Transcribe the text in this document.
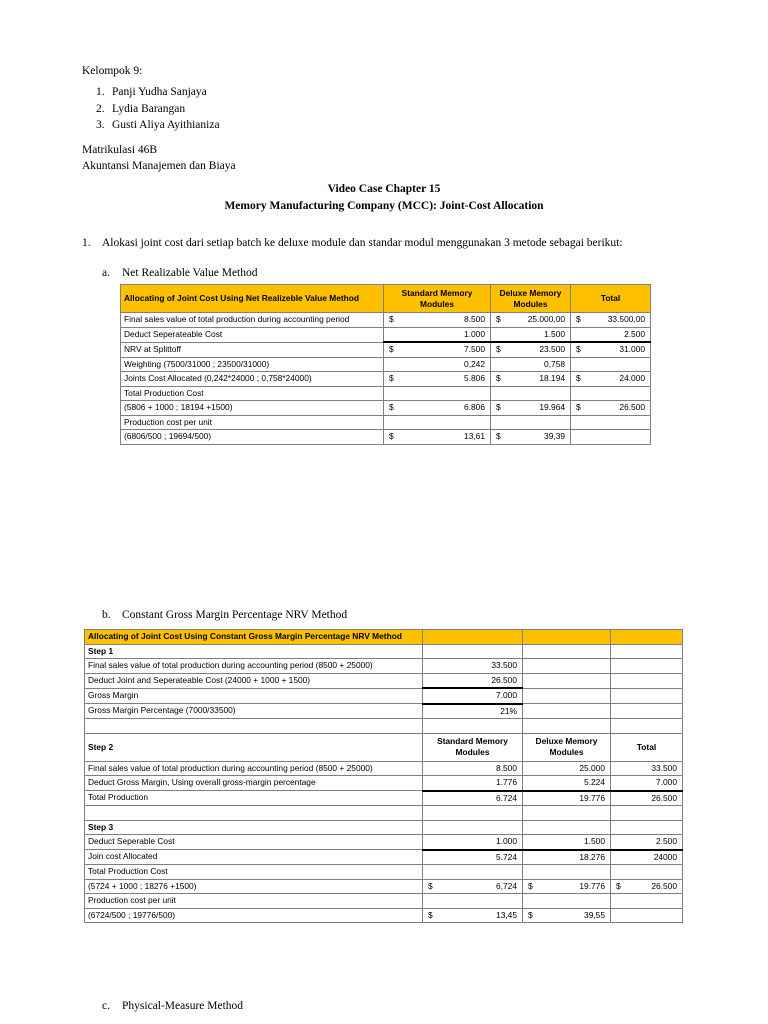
Kelompok 9:
1. Panji Yudha Sanjaya
2. Lydia Barangan
3. Gusti Aliya Ayithianiza
Matrikulasi 46B
Akuntansi Manajemen dan Biaya
Video Case Chapter 15
Memory Manufacturing Company (MCC): Joint-Cost Allocation
1. Alokasi joint cost dari setiap batch ke deluxe module dan standar modul menggunakan 3 metode sebagai berikut:
a. Net Realizable Value Method
Allocating of Joint Cost Using Net Realizeble Value Method	Standard Memory Modules		Deluxe Memory Modules		Total	
Final sales value of total production during accounting period	$	8.500	$	25.000,00	$	33.500,00
Deduct Seperateable Cost		1.000		1.500		2.500
NRV at Splittoff	$	7.500	$	23.500	$	31.000
Weighting (7500/31000 ; 23500/31000)		0,242		0,758		
Joints Cost Allocated (0,242*24000 ; 0,758*24000)	$	5.806	$	18.194	$	24.000
Total Production Cost						
(5806 + 1000 ; 18194 +1500)	$	6.806	$	19.964	$	26.500
Production cost per unit						
(6806/500 ; 19694/500)	$	13,61	$	39,39		
b. Constant Gross Margin Percentage NRV Method
Allocating of Joint Cost Using Constant Gross Margin Percentage NRV Method						
Step 1						
Final sales value of total production during accounting period (8500 + 25000)		33.500				
Deduct Joint and Seperateable Cost (24000 + 1000 + 1500)		26.500				
Gross Margin		7.000				
Gross Margin Percentage (7000/33500)		21%				

Step 2	Standard Memory Modules		Deluxe Memory Modules		Total	
Final sales value of total production during accounting period (8500 + 25000)		8.500		25.000		33.500
Deduct Gross Margin, Using overall gross-margin percentage		1.776		5.224		7.000
Total Production		6.724		19.776		26.500

Step 3						
Deduct Seperable Cost		1.000		1.500		2.500
Join cost Allocated		5.724		18.276		24000
Total Production Cost						
(5724 + 1000 ; 18276 +1500)	$	6,724	$	19.776	$	26.500
Production cost per unit						
(6724/500 ; 19776/500)	$	13,45	$	39,55		
c. Physical-Measure Method
